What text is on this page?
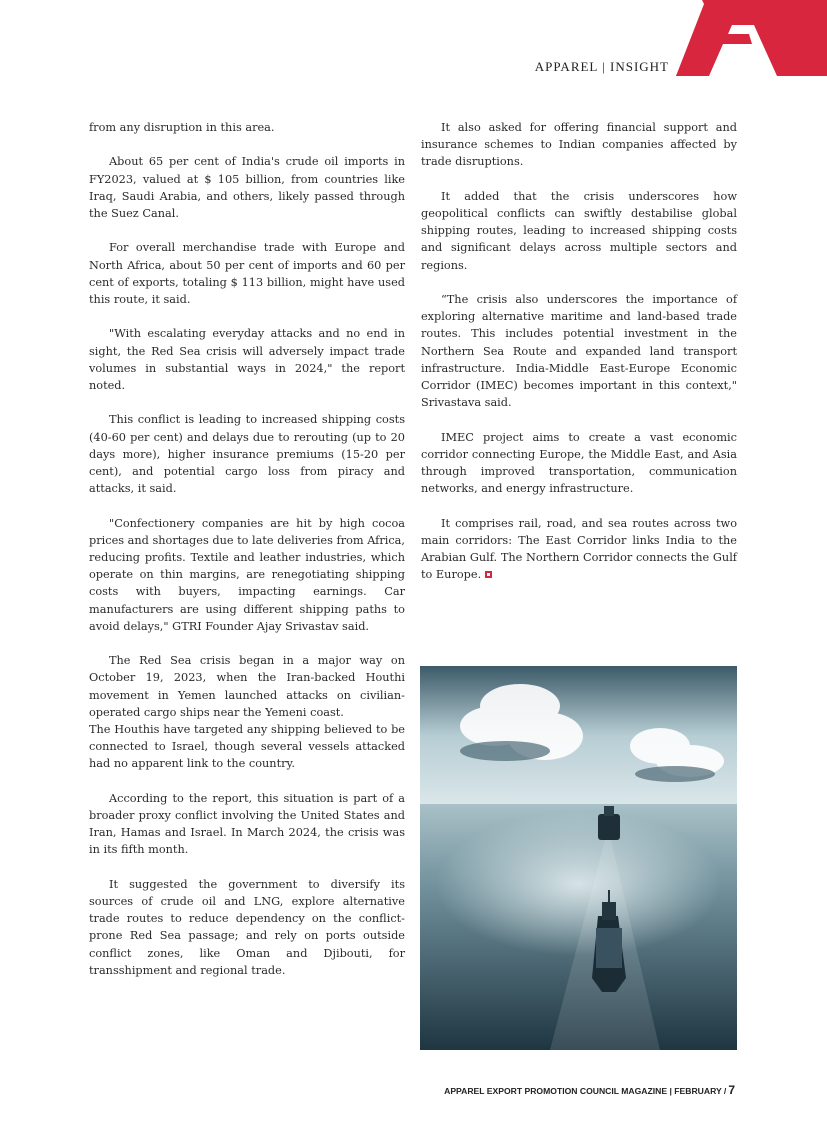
APPAREL | INSIGHT

from any disruption in this area.

About 65 per cent of India's crude oil imports in FY2023, valued at $ 105 billion, from countries like Iraq, Saudi Arabia, and others, likely passed through the Suez Canal.

For overall merchandise trade with Europe and North Africa, about 50 per cent of imports and 60 per cent of exports, totaling $ 113 billion, might have used this route, it said.

"With escalating everyday attacks and no end in sight, the Red Sea crisis will adversely impact trade volumes in substantial ways in 2024," the report noted.

This conflict is leading to increased shipping costs (40-60 per cent) and delays due to rerouting (up to 20 days more), higher insurance premiums (15-20 per cent), and potential cargo loss from piracy and attacks, it said.

"Confectionery companies are hit by high cocoa prices and shortages due to late deliveries from Africa, reducing profits. Textile and leather industries, which operate on thin margins, are renegotiating shipping costs with buyers, impacting earnings. Car manufacturers are using different shipping paths to avoid delays," GTRI Founder Ajay Srivastav said.

The Red Sea crisis began in a major way on October 19, 2023, when the Iran-backed Houthi movement in Yemen launched attacks on civilian-operated cargo ships near the Yemeni coast.

The Houthis have targeted any shipping believed to be connected to Israel, though several vessels attacked had no apparent link to the country.

According to the report, this situation is part of a broader proxy conflict involving the United States and Iran, Hamas and Israel. In March 2024, the crisis was in its fifth month.

It suggested the government to diversify its sources of crude oil and LNG, explore alternative trade routes to reduce dependency on the conflict-prone Red Sea passage; and rely on ports outside conflict zones, like Oman and Djibouti, for transshipment and regional trade.

It also asked for offering financial support and insurance schemes to Indian companies affected by trade disruptions.

It added that the crisis underscores how geopolitical conflicts can swiftly destabilise global shipping routes, leading to increased shipping costs and significant delays across multiple sectors and regions.

“The crisis also underscores the importance of exploring alternative maritime and land-based trade routes. This includes potential investment in the Northern Sea Route and expanded land transport infrastructure. India-Middle East-Europe Economic Corridor (IMEC) becomes important in this context," Srivastava said.

IMEC project aims to create a vast economic corridor connecting Europe, the Middle East, and Asia through improved transportation, communication networks, and energy infrastructure.

It comprises rail, road, and sea routes across two main corridors: The East Corridor links India to the Arabian Gulf. The Northern Corridor connects the Gulf to Europe.

APPAREL EXPORT PROMOTION COUNCIL MAGAZINE | FEBRUARY / 7
